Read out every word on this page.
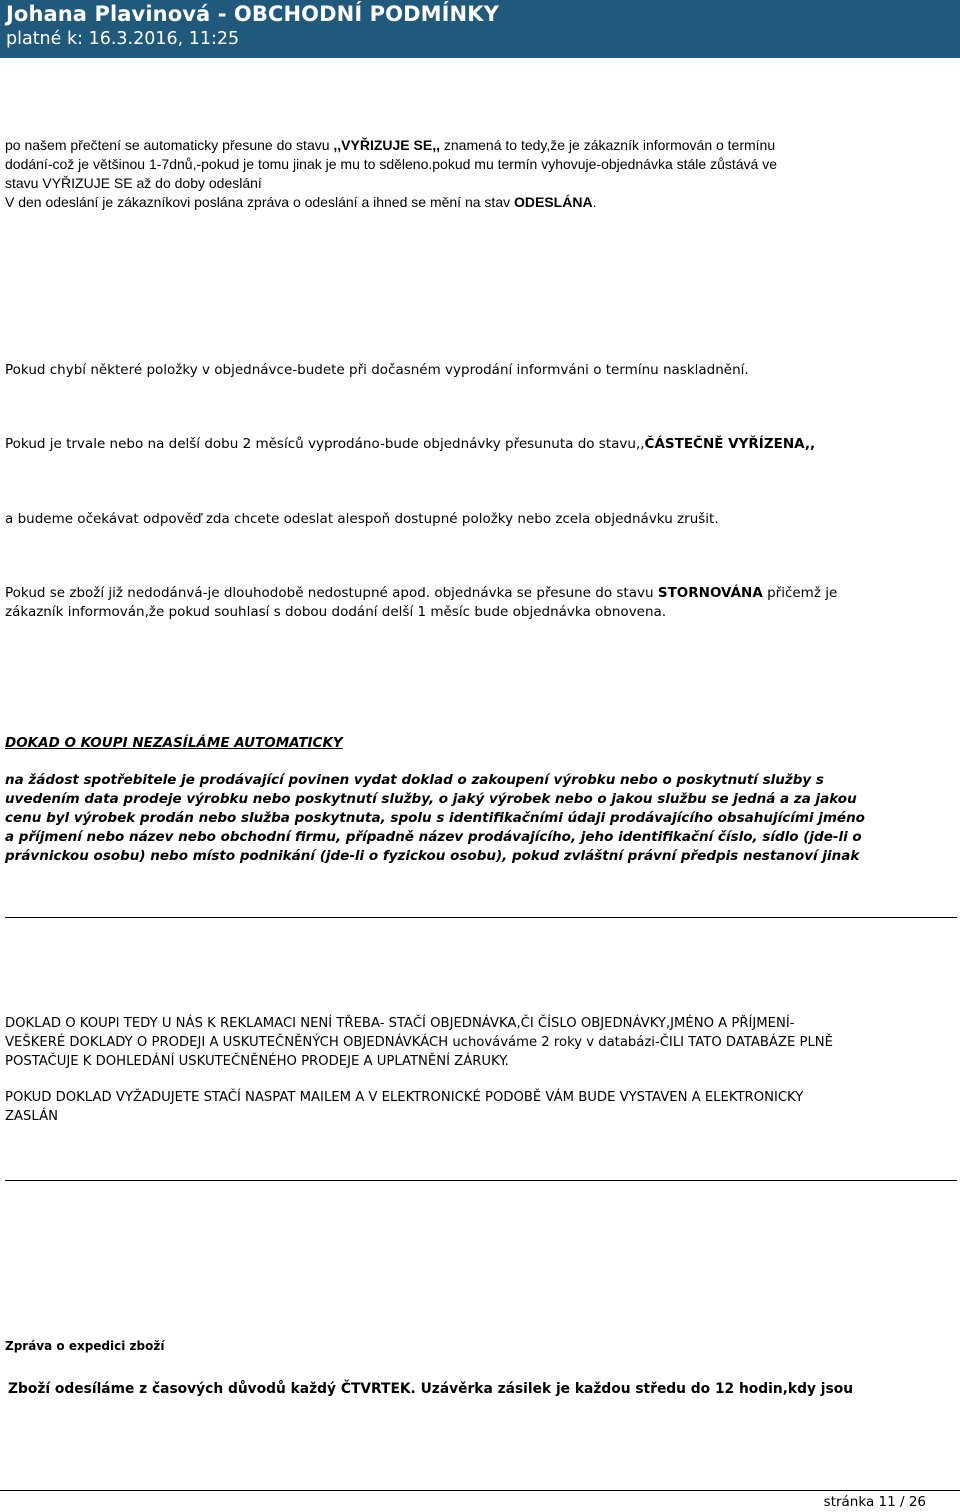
Johana Plavinová - OBCHODNÍ PODMÍNKY
platné k: 16.3.2016, 11:25
po našem přečtení se automaticky přesune do stavu ,,VYŘIZUJE SE,, znamená to tedy,že je zákazník informován o termínu
dodání-což je většinou 1-7dnů,-pokud je tomu jinak je mu to sděleno.pokud mu termín vyhovuje-objednávka stále zůstává ve
stavu VYŘIZUJE SE až do doby odeslání
V den odeslání je zákazníkovi poslána zpráva o odeslání a ihned se mění na stav ODESLÁNA.
Pokud chybí některé položky v objednávce-budete při dočasném vyprodání informváni o termínu naskladnění.
Pokud je trvale nebo na delší dobu 2 měsíců vyprodáno-bude objednávky přesunuta do stavu,,ČÁSTEČNĚ VYŘÍZENA,,
a budeme očekávat odpověď zda chcete odeslat alespoň dostupné položky nebo zcela objednávku zrušit.
Pokud se zboží již nedodánvá-je dlouhodobě nedostupné apod. objednávka se přesune do stavu STORNOVÁNA přičemž je
zákazník informován,že pokud souhlasí s dobou dodání delší 1 měsíc bude objednávka obnovena.
DOKAD O KOUPI NEZASÍLÁME AUTOMATICKY
na žádost spotřebitele je prodávající povinen vydat doklad o zakoupení výrobku nebo o poskytnutí služby s
uvedením data prodeje výrobku nebo poskytnutí služby, o jaký výrobek nebo o jakou službu se jedná a za jakou
cenu byl výrobek prodán nebo služba poskytnuta, spolu s identifikačními údaji prodávajícího obsahujícími jméno
a příjmení nebo název nebo obchodní firmu, případně název prodávajícího, jeho identifikační číslo, sídlo (jde-li o
právnickou osobu) nebo místo podnikání (jde-li o fyzickou osobu), pokud zvláštní právní předpis nestanoví jinak
DOKLAD O KOUPI TEDY U NÁS K REKLAMACI NENÍ TŘEBA- STAČÍ OBJEDNÁVKA,ČI ČÍSLO OBJEDNÁVKY,JMÉNO A PŘÍJMENÍ-
VEŠKERÉ DOKLADY O PRODEJI A USKUTEČNĚNÝCH OBJEDNÁVKÁCH uchováváme 2 roky v databázi-ČILI TATO DATABÁZE PLNĚ
POSTAČUJE K DOHLEDÁNÍ USKUTEČNĚNÉHO PRODEJE A UPLATNĚNÍ ZÁRUKY.
POKUD DOKLAD VYŽADUJETE STAČÍ NASPAT MAILEM A V ELEKTRONICKÉ PODOBĚ VÁM BUDE VYSTAVEN A ELEKTRONICKY
ZASLÁN
Zpráva o expedici zboží
Zboží odesíláme z časových důvodů každý ČTVRTEK. Uzávěrka zásilek je každou středu do 12 hodin,kdy jsou
stránka 11 / 26
